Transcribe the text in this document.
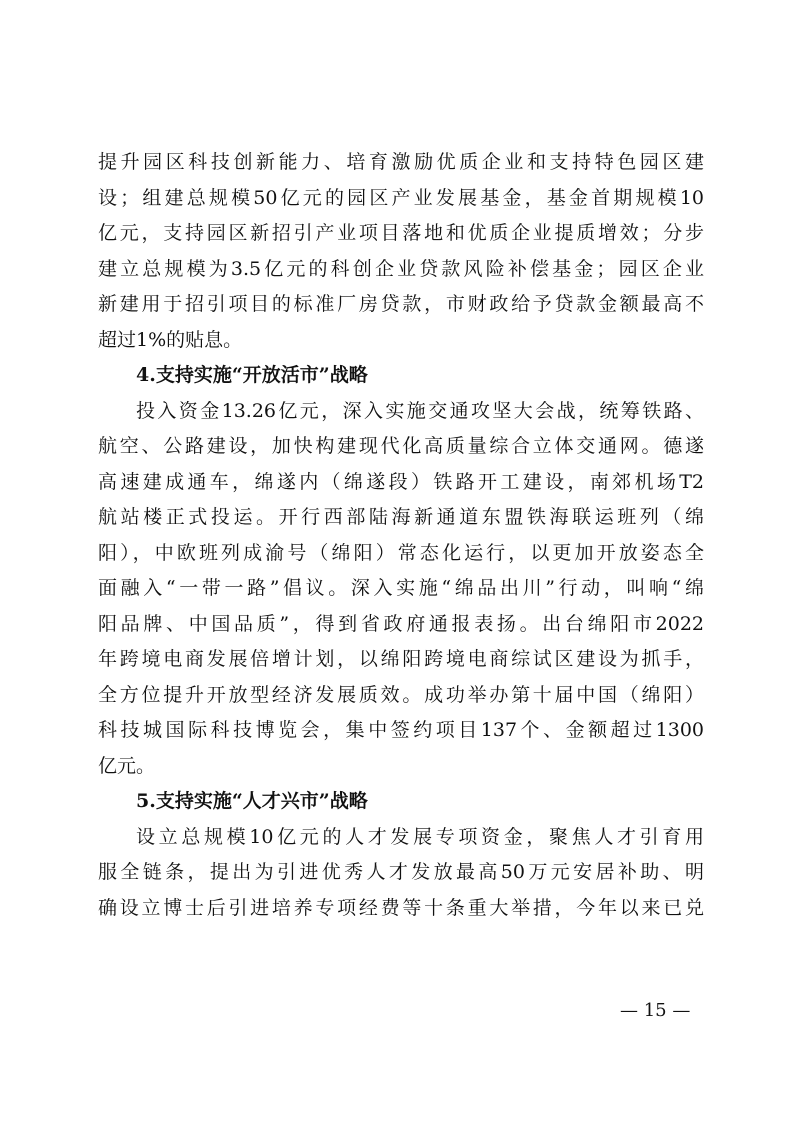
提升园区科技创新能力、培育激励优质企业和支持特色园区建
设；组建总规模50亿元的园区产业发展基金，基金首期规模10
亿元，支持园区新招引产业项目落地和优质企业提质增效；分步
建立总规模为3.5亿元的科创企业贷款风险补偿基金；园区企业
新建用于招引项目的标准厂房贷款，市财政给予贷款金额最高不
超过1%的贴息。
4.支持实施“开放活市”战略
投入资金13.26亿元，深入实施交通攻坚大会战，统筹铁路、
航空、公路建设，加快构建现代化高质量综合立体交通网。德遂
高速建成通车，绵遂内（绵遂段）铁路开工建设，南郊机场T2
航站楼正式投运。开行西部陆海新通道东盟铁海联运班列（绵
阳），中欧班列成渝号（绵阳）常态化运行，以更加开放姿态全
面融入“一带一路”倡议。深入实施“绵品出川”行动，叫响“绵
阳品牌、中国品质”，得到省政府通报表扬。出台绵阳市2022
年跨境电商发展倍增计划，以绵阳跨境电商综试区建设为抓手，
全方位提升开放型经济发展质效。成功举办第十届中国（绵阳）
科技城国际科技博览会，集中签约项目137个、金额超过1300
亿元。
5.支持实施“人才兴市”战略
设立总规模10亿元的人才发展专项资金，聚焦人才引育用
服全链条，提出为引进优秀人才发放最高50万元安居补助、明
确设立博士后引进培养专项经费等十条重大举措，今年以来已兑
— 15 —
